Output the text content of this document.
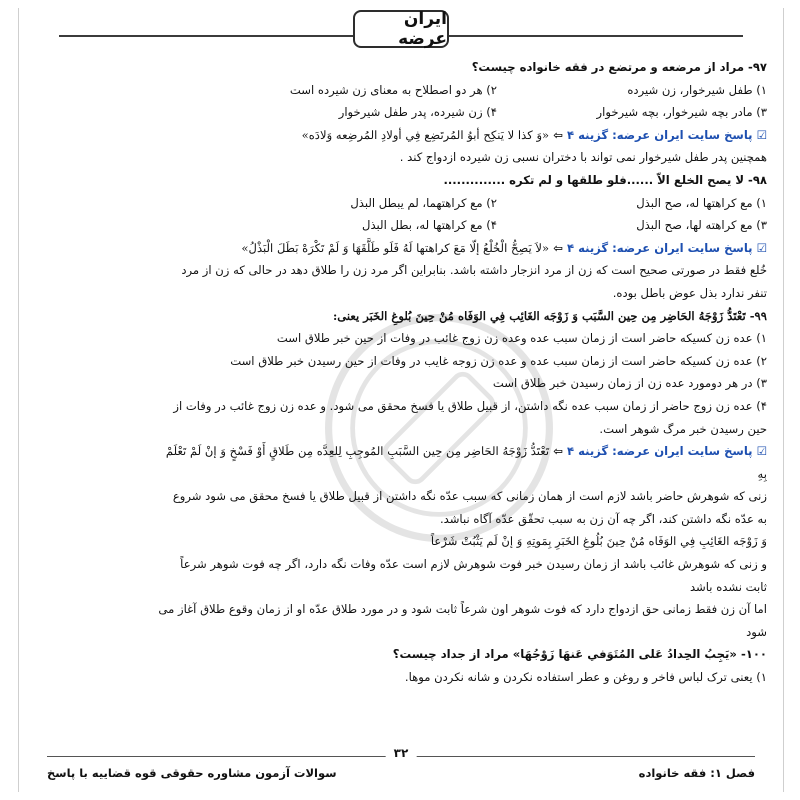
ایران عرضه
۹۷- مراد از مرضعه و مرتضع در فقه خانواده چیست؟
۱) طفل شیرخوار، زن شیرده
۲) هر دو اصطلاح به معنای زن شیرده است
۳) مادر بچه شیرخوار، بچه شیرخوار
۴) زن شیرده، پدر طفل شیرخوار
☑ پاسخ سایت ایران عرضه: گزینه ۴ ⇦ «وَ كذا لا یَنكِح أبوُ المُرتَضِع فِي أولادِ المُرضِعه وَلادَه»
همچنین پدر طفل شیرخوار نمی تواند با دختران نسبی زن شیرده ازدواج کند .
۹۸- لا يصح الخلع الاّ ......فلو طلقها و لم تكره ..............
۱) مع كراهتها له، صح البذل
۲) مع كراهتهما، لم يبطل البذل
۳) مع كراهته لها، صح البذل
۴) مع كراهتها له، بطل البذل
☑ پاسخ سایت ایران عرضه: گزینه ۴ ⇦ «لاَ یَصِحُّ الْخُلْعُ إلّا مَعَ كراهتها لَهُ فَلَو طَلَّقَهَا وَ لَمْ تَكْرَهْ بَطَلَ الْبَذْلُ»
خُلع فقط در صورتی صحیح است که زن از مرد انزجار داشته باشد. بنابراین اگر مرد زن را طلاق دهد در حالی که زن از مرد
تنفر ندارد بذل عوض باطل بوده.
۹۹- تَعْتَدُّ زَوْجَهُ الحَاضِر مِن حِين السَّبَب وَ زَوْجَه الغَائِب فِي الوَفَاه مُنْ حِينَ بُلوغِ الخَبَر يعنی:
۱) عده زن کسیکه حاضر است از زمان سبب عده وعده زن زوج غائب در وفات از حین خبر طلاق است
۲) عده زن کسیکه حاضر است از زمان سبب عده و عده زن زوجه غایب در وفات از حین رسیدن خبر طلاق است
۳) در هر دومورد عده زن از زمان رسیدن خبر طلاق است
۴) عده زن زوج حاضر از زمان سبب عده نگه داشتن، از قبیل طلاق یا فسخ محقق می شود. و عده زن زوج غائب در وفات از
حین رسیدن خبر مرگ شوهر است.
☑ پاسخ سایت ایران عرضه: گزینه ۴ ⇦ تَعْتَدُّ زَوْجَهُ الحَاضِر مِن حِين السَّبَبِ المُوجِبِ لِلعِدَّه مِن طَلاقٍ أَوْ فَسْخٍ وَ إنْ لَمْ تَعْلَمْ
بِهِ
زنی که شوهرش حاضر باشد لازم است از همان زمانی که سبب عدّه نگه داشتن از قبیل طلاق یا فسخ محقق می شود شروع
به عدّه نگه داشتن کند، اگر چه آن زن به سبب تحقّق عدّه آگاه نباشد.
وَ زَوْجَه الغَائِبِ فِي الوَفَاه مُنْ حِينَ بُلُوغِ الخَبَرِ بِمَوتِهِ وَ إنْ لَم يَثْبُتْ شَرْعاً
و زنی که شوهرش غائب باشد از زمان رسیدن خبر فوت شوهرش لازم است عدّه وفات نگه دارد، اگر چه فوت شوهر شرعاً
ثابت نشده باشد
اما آن زن فقط زمانی حق ازدواج دارد که فوت شوهر اون شرعاً ثابت شود و در مورد طلاق عدّه او از زمان وقوع طلاق آغاز می
شود
۱۰۰- «يَجِبُ الحِدادُ عَلی المُتَوَفي عَنهَا زَوْجُهَا» مراد از جداد چیست؟
۱) یعنی ترک لباس فاخر و روغن و عطر استفاده نکردن و شانه نکردن موها.
۳۲
فصل ۱: فقه خانواده
سوالات آزمون مشاوره حقوقی قوه قضاییه با پاسخ
